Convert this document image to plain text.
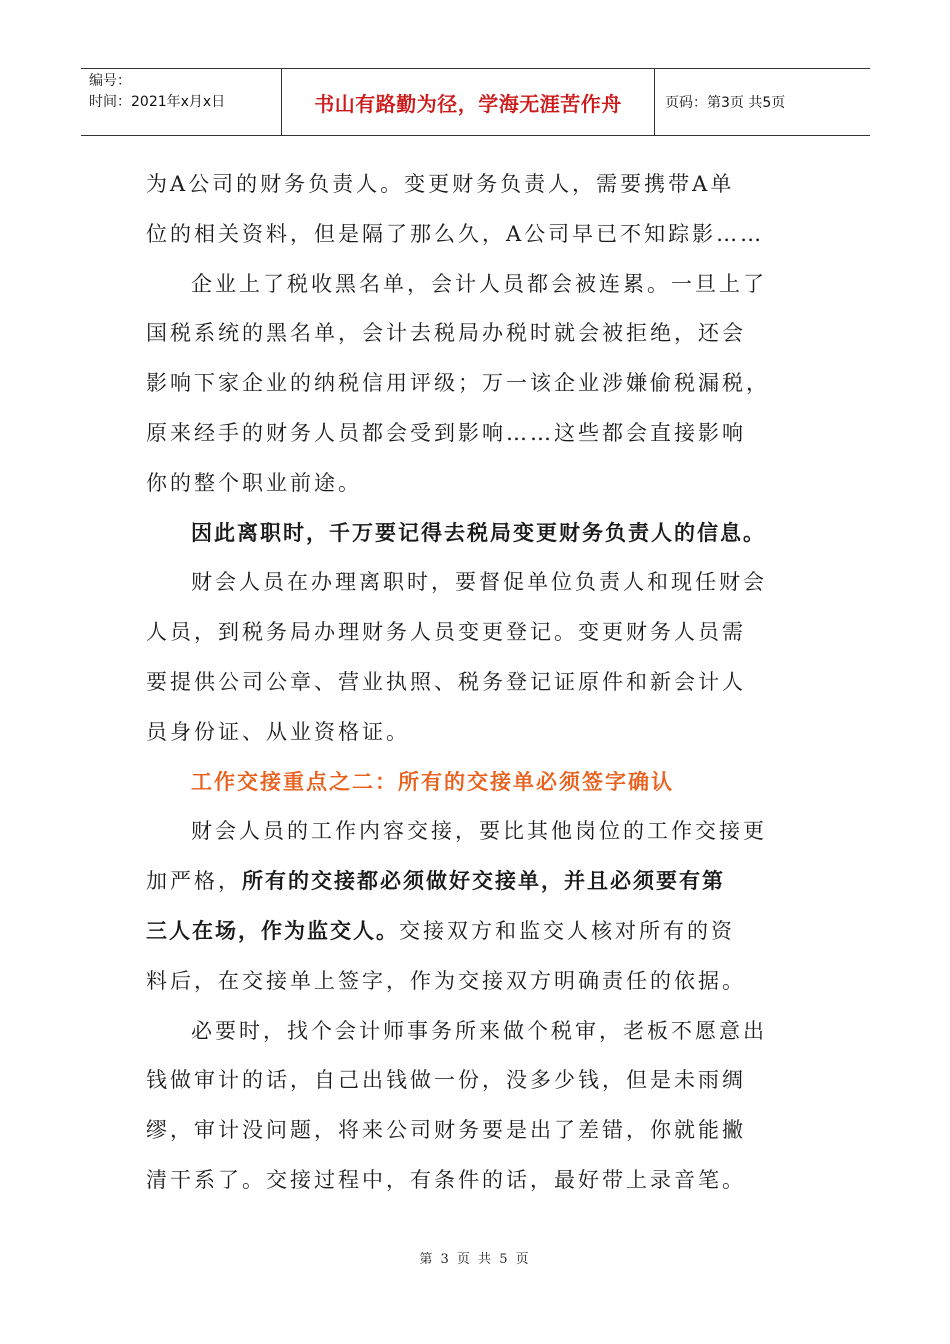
编号：
时间：2021年x月x日	书山有路勤为径，学海无涯苦作舟	页码：第3页 共5页
为A公司的财务负责人。变更财务负责人，需要携带A单
位的相关资料，但是隔了那么久，A公司早已不知踪影……
企业上了税收黑名单，会计人员都会被连累。一旦上了
国税系统的黑名单，会计去税局办税时就会被拒绝，还会
影响下家企业的纳税信用评级；万一该企业涉嫌偷税漏税，
原来经手的财务人员都会受到影响……这些都会直接影响
你的整个职业前途。
因此离职时，千万要记得去税局变更财务负责人的信息。
财会人员在办理离职时，要督促单位负责人和现任财会
人员，到税务局办理财务人员变更登记。变更财务人员需
要提供公司公章、营业执照、税务登记证原件和新会计人
员身份证、从业资格证。
工作交接重点之二：所有的交接单必须签字确认
财会人员的工作内容交接，要比其他岗位的工作交接更
加严格，所有的交接都必须做好交接单，并且必须要有第
三人在场，作为监交人。交接双方和监交人核对所有的资
料后，在交接单上签字，作为交接双方明确责任的依据。
必要时，找个会计师事务所来做个税审，老板不愿意出
钱做审计的话，自己出钱做一份，没多少钱，但是未雨绸
缪，审计没问题，将来公司财务要是出了差错，你就能撇
清干系了。交接过程中，有条件的话，最好带上录音笔。
第 3 页 共 5 页
